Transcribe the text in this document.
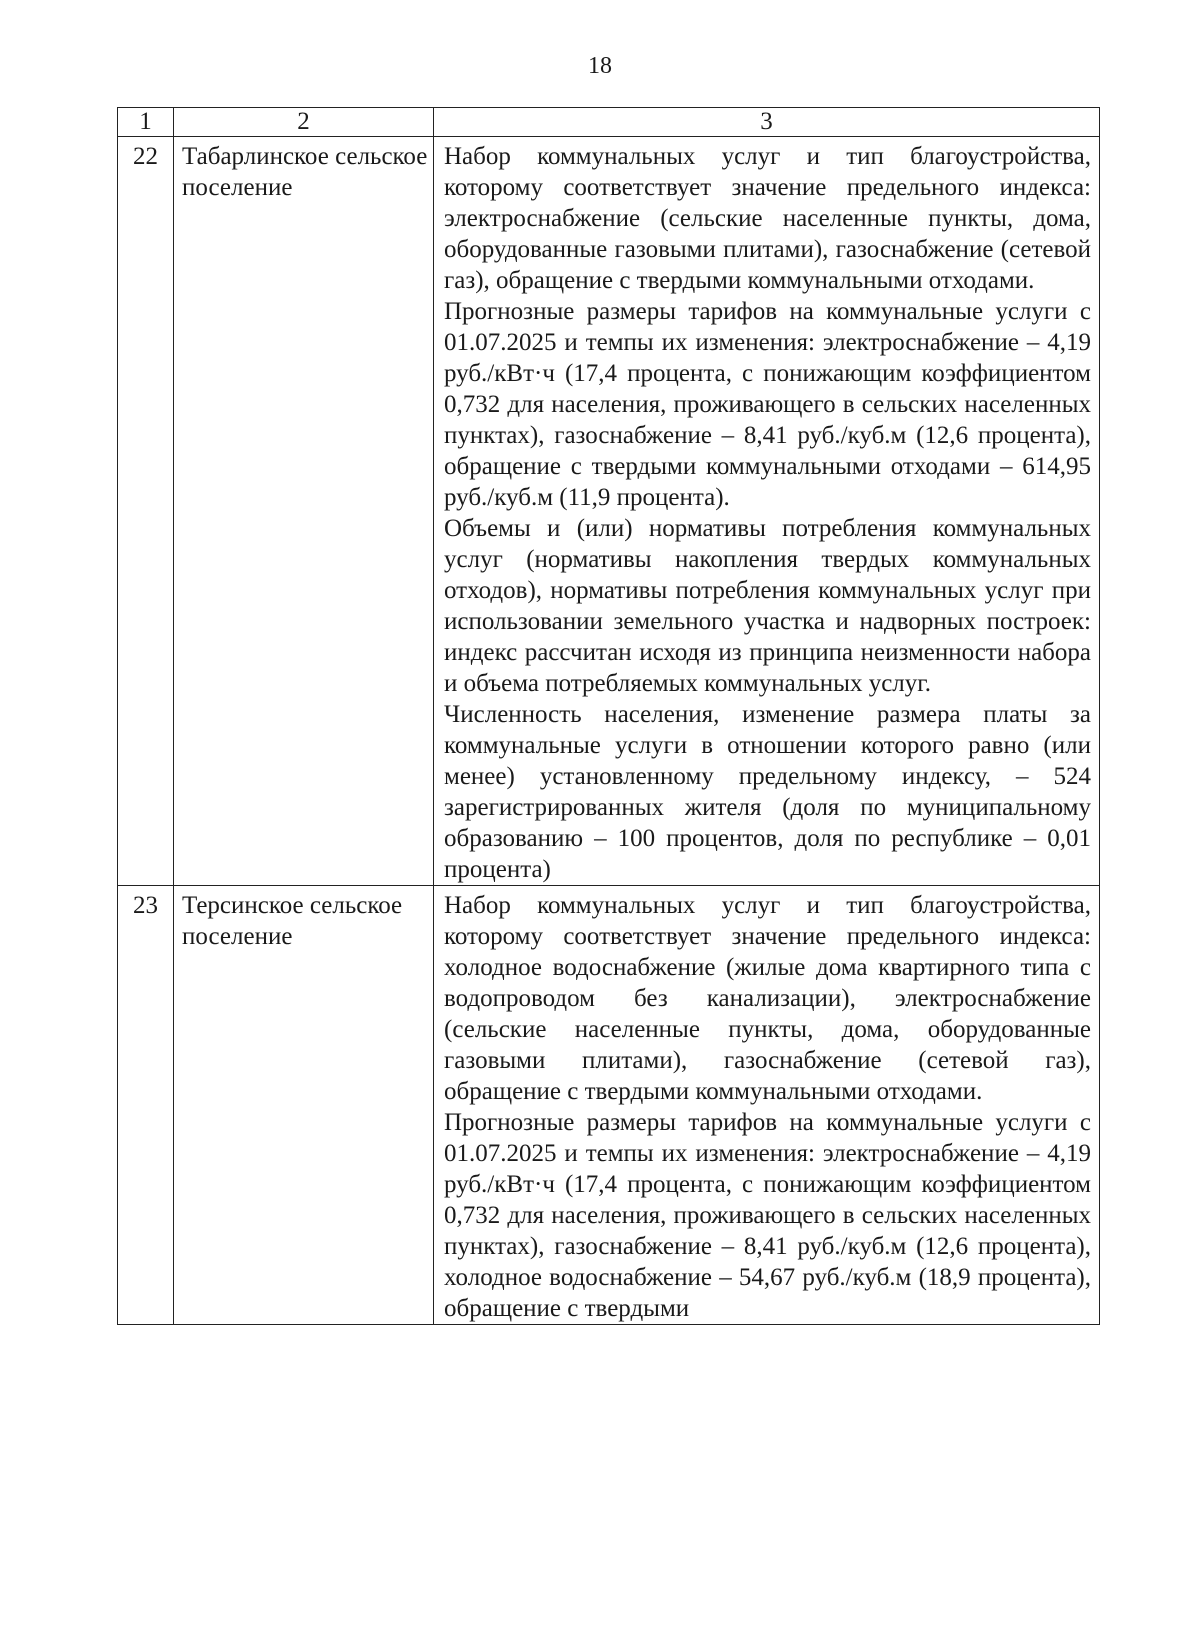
18
1	2	3
22	Табарлинское сельское поселение	Набор коммунальных услуг и тип благоустройства, которому соответствует значение предельного индекса: электроснабжение (сельские населенные пункты, дома, оборудованные газовыми плитами), газоснабжение (сетевой газ), обращение с твердыми коммунальными отходами.

Прогнозные размеры тарифов на коммунальные услуги с 01.07.2025 и темпы их изменения: электроснабжение – 4,19 руб./кВт·ч (17,4 процента, с понижающим коэффициентом 0,732 для населения, проживающего в сельских населенных пунктах), газоснабжение – 8,41 руб./куб.м (12,6 процента), обращение с твердыми коммунальными отходами – 614,95 руб./куб.м (11,9 процента).

Объемы и (или) нормативы потребления коммунальных услуг (нормативы накопления твердых коммунальных отходов), нормативы потребления коммунальных услуг при использовании земельного участка и надворных построек: индекс рассчитан исходя из принципа неизменности набора и объема потребляемых коммунальных услуг.

Численность населения, изменение размера платы за коммунальные услуги в отношении которого равно (или менее) установленному предельному индексу, – 524 зарегистрированных жителя (доля по муниципальному образованию – 100 процентов, доля по республике – 0,01 процента)

23	Терсинское сельское поселение	Набор коммунальных услуг и тип благоустройства, которому соответствует значение предельного индекса: холодное водоснабжение (жилые дома квартирного типа с водопроводом без канализации), электроснабжение (сельские населенные пункты, дома, оборудованные газовыми плитами), газоснабжение (сетевой газ), обращение с твердыми коммунальными отходами.

Прогнозные размеры тарифов на коммунальные услуги с 01.07.2025 и темпы их изменения: электроснабжение – 4,19 руб./кВт·ч (17,4 процента, с понижающим коэффициентом 0,732 для населения, проживающего в сельских населенных пунктах), газоснабжение – 8,41 руб./куб.м (12,6 процента), холодное водоснабжение – 54,67 руб./куб.м (18,9 процента), обращение с твердыми
